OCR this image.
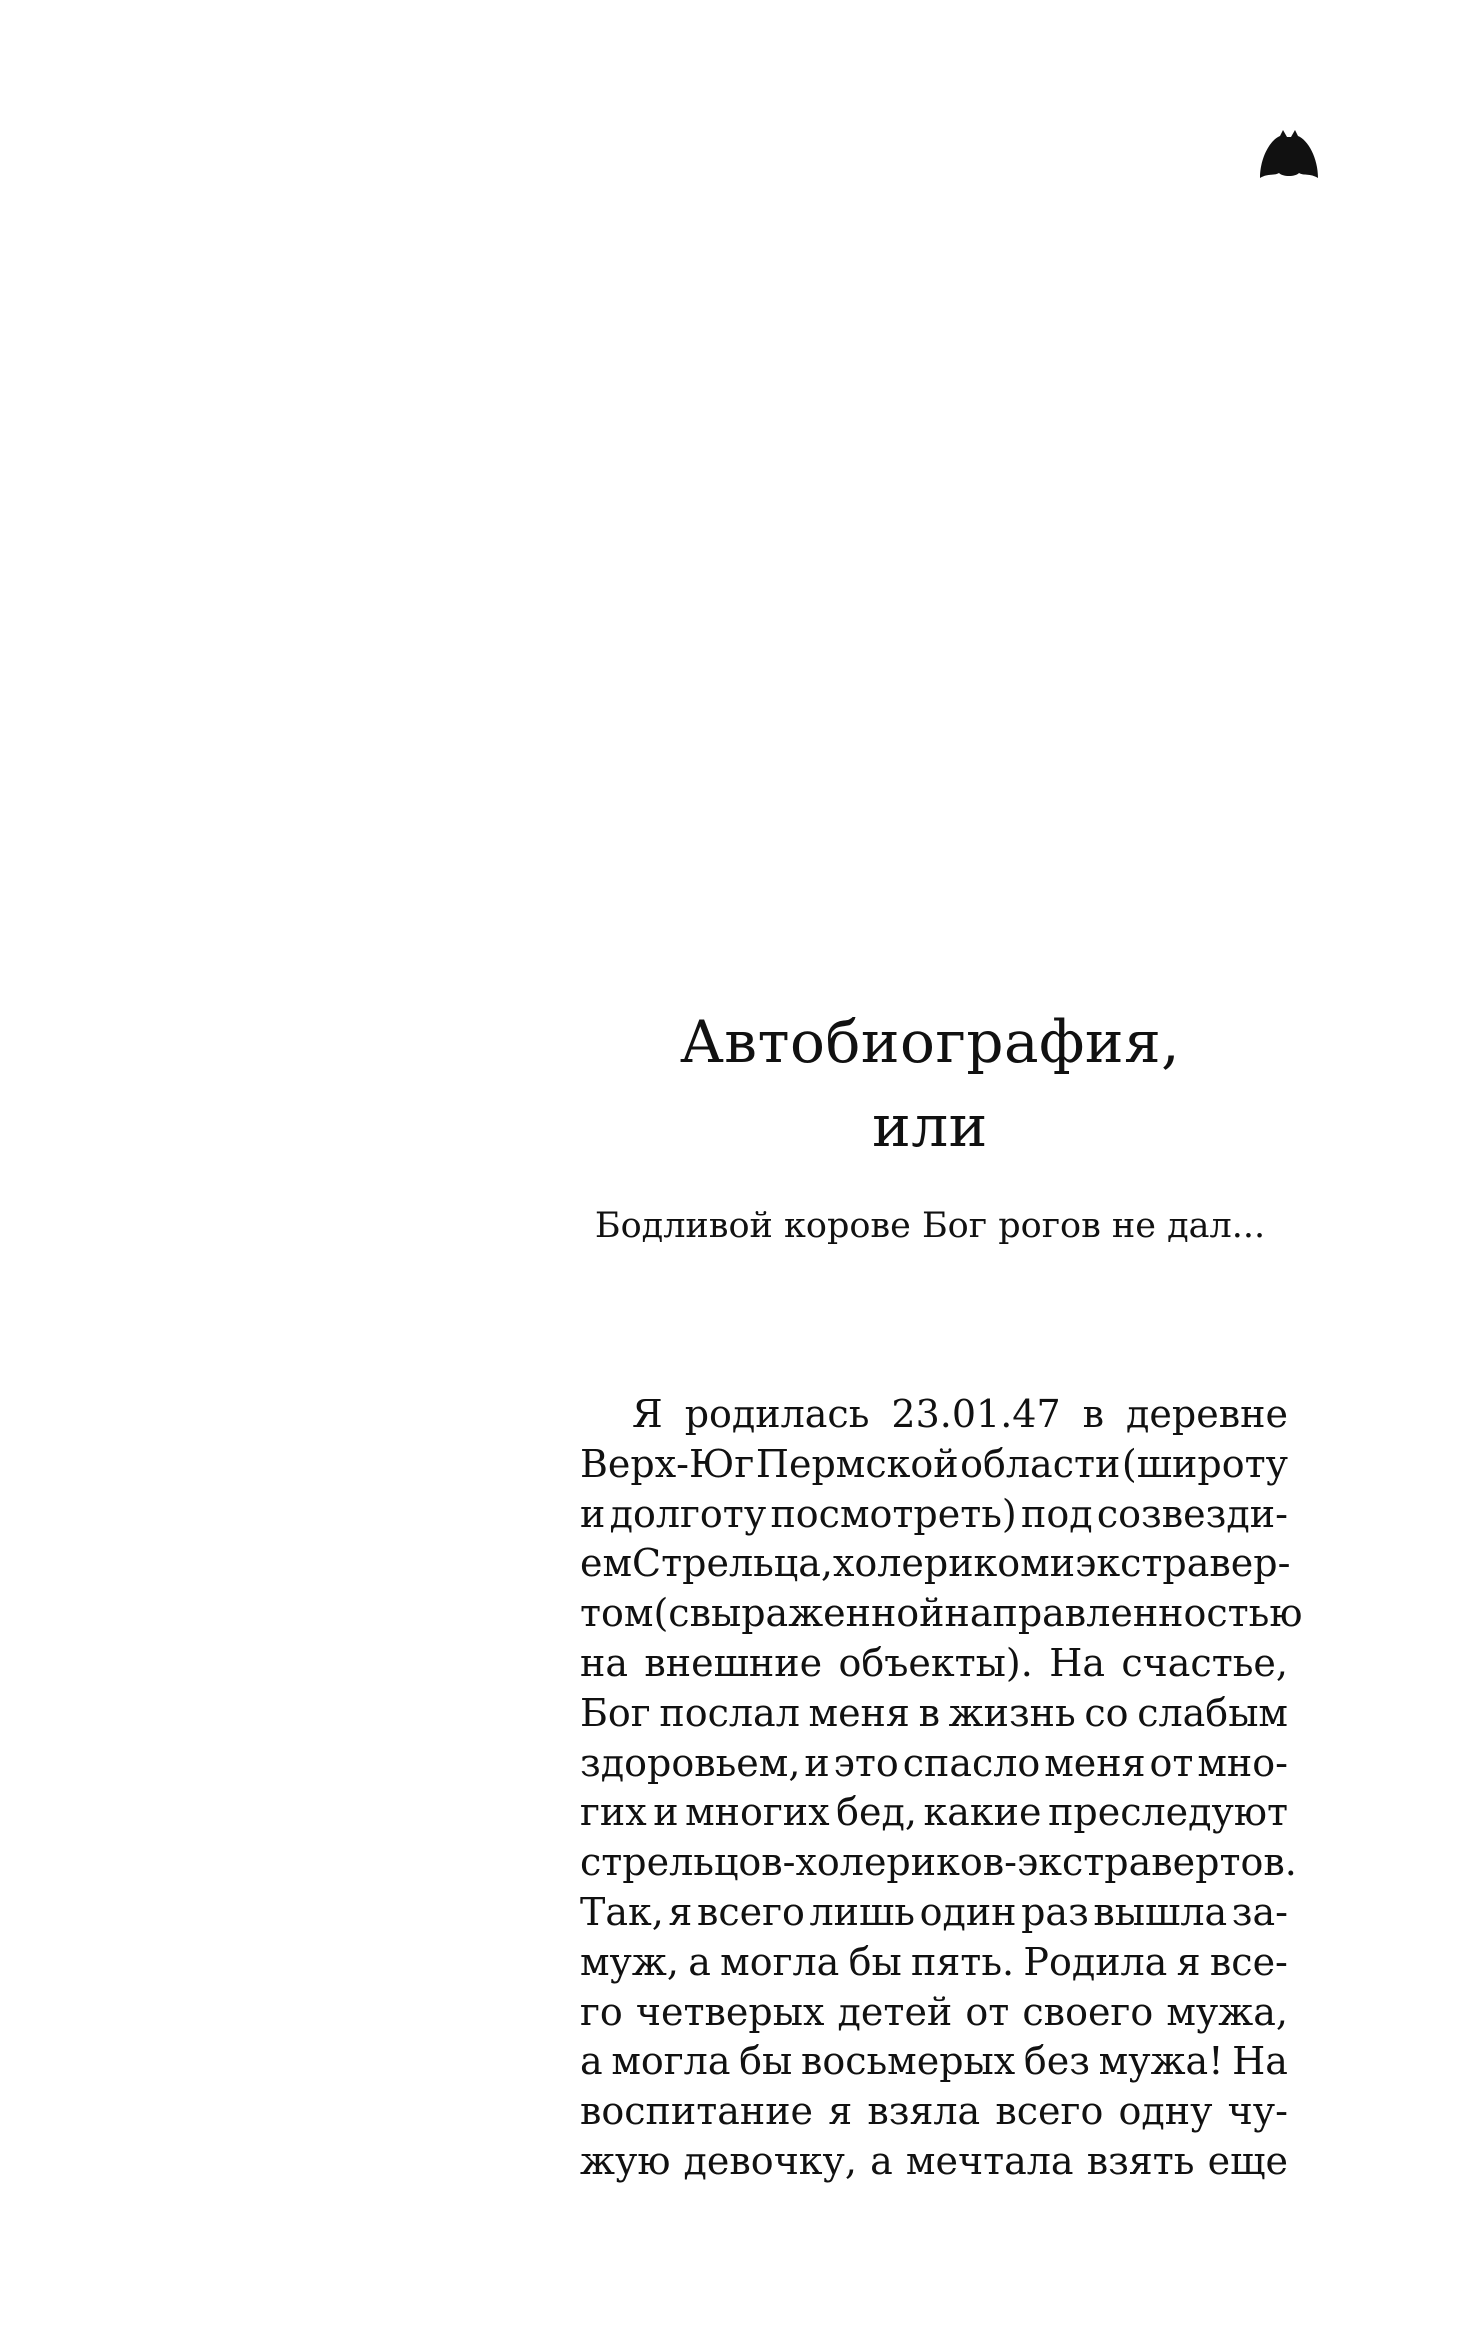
Автобиография,
или
Бодливой корове Бог рогов не дал...
Я родилась 23.01.47 в деревне
Верх-Юг Пермской области (широту
и долготу посмотреть) под созвезди-
ем Стрельца, холериком и экстравер-
том (с выраженной направленностью
на внешние объекты). На счастье,
Бог послал меня в жизнь со слабым
здоровьем, и это спасло меня от мно-
гих и многих бед, какие преследуют
стрельцов-холериков-экстравертов.
Так, я всего лишь один раз вышла за-
муж, а могла бы пять. Родила я все-
го четверых детей от своего мужа,
а могла бы восьмерых без мужа! На
воспитание я взяла всего одну чу-
жую девочку, а мечтала взять еще
